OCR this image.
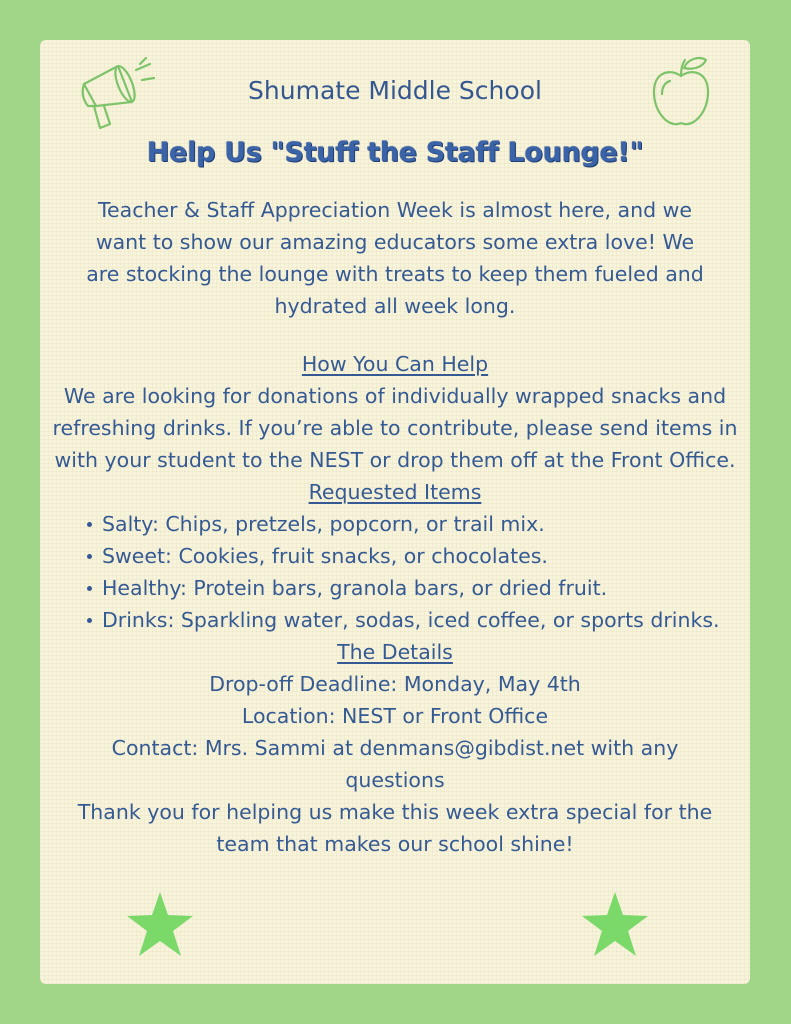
Shumate Middle School
Help Us "Stuff the Staff Lounge!"
Teacher & Staff Appreciation Week is almost here, and we want to show our amazing educators some extra love! We are stocking the lounge with treats to keep them fueled and hydrated all week long.
How You Can Help
We are looking for donations of individually wrapped snacks and refreshing drinks. If you’re able to contribute, please send items in with your student to the NEST or drop them off at the Front Office.
Requested Items
Salty: Chips, pretzels, popcorn, or trail mix.
Sweet: Cookies, fruit snacks, or chocolates.
Healthy: Protein bars, granola bars, or dried fruit.
Drinks: Sparkling water, sodas, iced coffee, or sports drinks.
The Details
Drop-off Deadline: Monday, May 4th
Location: NEST or Front Office
Contact: Mrs. Sammi at denmans@gibdist.net with any questions
Thank you for helping us make this week extra special for the team that makes our school shine!
